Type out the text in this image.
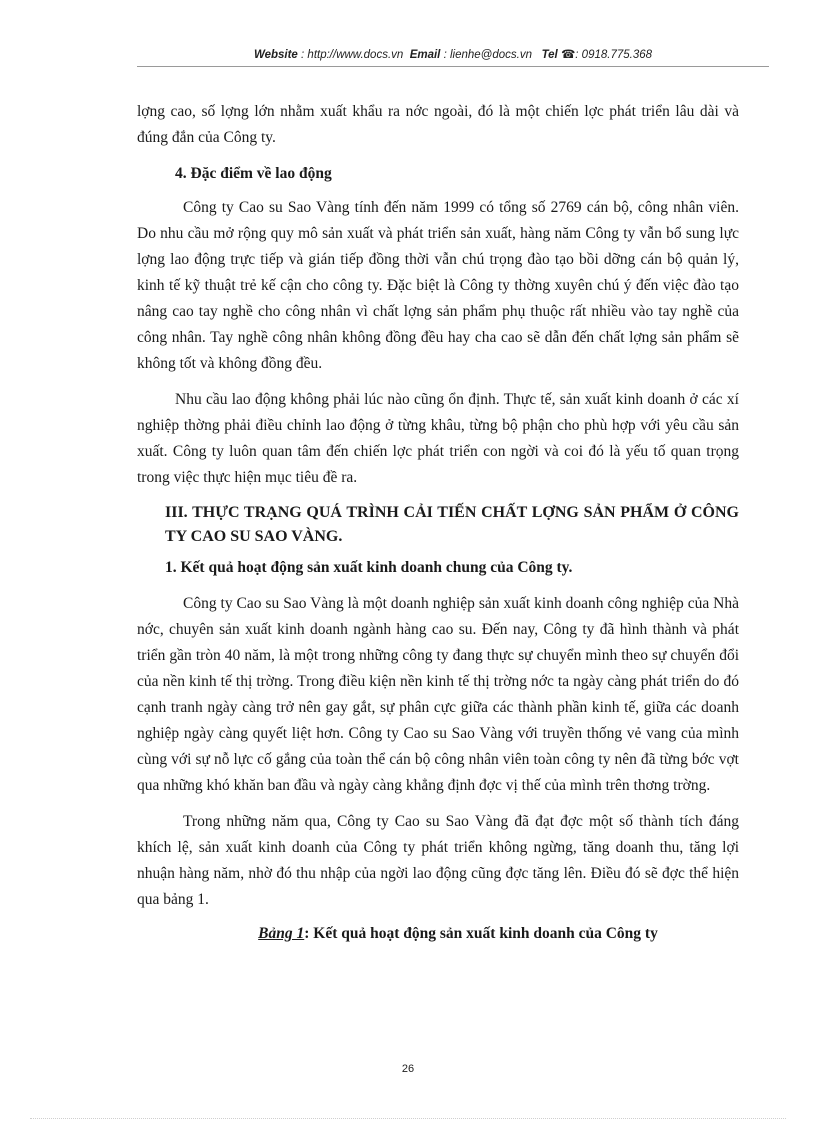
Website : http://www.docs.vn Email : lienhe@docs.vn Tel ☎: 0918.775.368

lợng cao, số lợng lớn nhằm xuất khẩu ra nớc ngoài, đó là một chiến lợc phát triển lâu dài và đúng đắn của Công ty.

4. Đặc điểm về lao động

Công ty Cao su Sao Vàng tính đến năm 1999 có tổng số 2769 cán bộ, công nhân viên. Do nhu cầu mở rộng quy mô sản xuất và phát triển sản xuất, hàng năm Công ty vẫn bổ sung lực lợng lao động trực tiếp và gián tiếp đồng thời vẫn chú trọng đào tạo bồi dỡng cán bộ quản lý, kinh tế kỹ thuật trẻ kế cận cho công ty. Đặc biệt là Công ty thờng xuyên chú ý đến việc đào tạo nâng cao tay nghề cho công nhân vì chất lợng sản phẩm phụ thuộc rất nhiều vào tay nghề của công nhân. Tay nghề công nhân không đồng đều hay cha cao sẽ dẫn đến chất lợng sản phẩm sẽ không tốt và không đồng đều.

Nhu cầu lao động không phải lúc nào cũng ổn định. Thực tế, sản xuất kinh doanh ở các xí nghiệp thờng phải điều chỉnh lao động ở từng khâu, từng bộ phận cho phù hợp với yêu cầu sản xuất. Công ty luôn quan tâm đến chiến lợc phát triển con ngời và coi đó là yếu tố quan trọng trong việc thực hiện mục tiêu đề ra.

III. THỰC TRẠNG QUÁ TRÌNH CẢI TIẾN CHẤT LỢNG SẢN PHẨM Ở CÔNG TY CAO SU SAO VÀNG.

1. Kết quả hoạt động sản xuất kinh doanh chung của Công ty.

Công ty Cao su Sao Vàng là một doanh nghiệp sản xuất kinh doanh công nghiệp của Nhà nớc, chuyên sản xuất kinh doanh ngành hàng cao su. Đến nay, Công ty đã hình thành và phát triển gần tròn 40 năm, là một trong những công ty đang thực sự chuyển mình theo sự chuyển đổi của nền kinh tế thị trờng. Trong điều kiện nền kinh tế thị trờng nớc ta ngày càng phát triển do đó cạnh tranh ngày càng trở nên gay gắt, sự phân cực giữa các thành phần kinh tế, giữa các doanh nghiệp ngày càng quyết liệt hơn. Công ty Cao su Sao Vàng với truyền thống vẻ vang của mình cùng với sự nỗ lực cố gắng của toàn thể cán bộ công nhân viên toàn công ty nên đã từng bớc vợt qua những khó khăn ban đầu và ngày càng khẳng định đợc vị thế của mình trên thơng trờng.

Trong những năm qua, Công ty Cao su Sao Vàng đã đạt đợc một số thành tích đáng khích lệ, sản xuất kinh doanh của Công ty phát triển không ngừng, tăng doanh thu, tăng lợi nhuận hàng năm, nhờ đó thu nhập của ngời lao động cũng đợc tăng lên. Điều đó sẽ đợc thể hiện qua bảng 1.

Bảng 1: Kết quả hoạt động sản xuất kinh doanh của Công ty

26
